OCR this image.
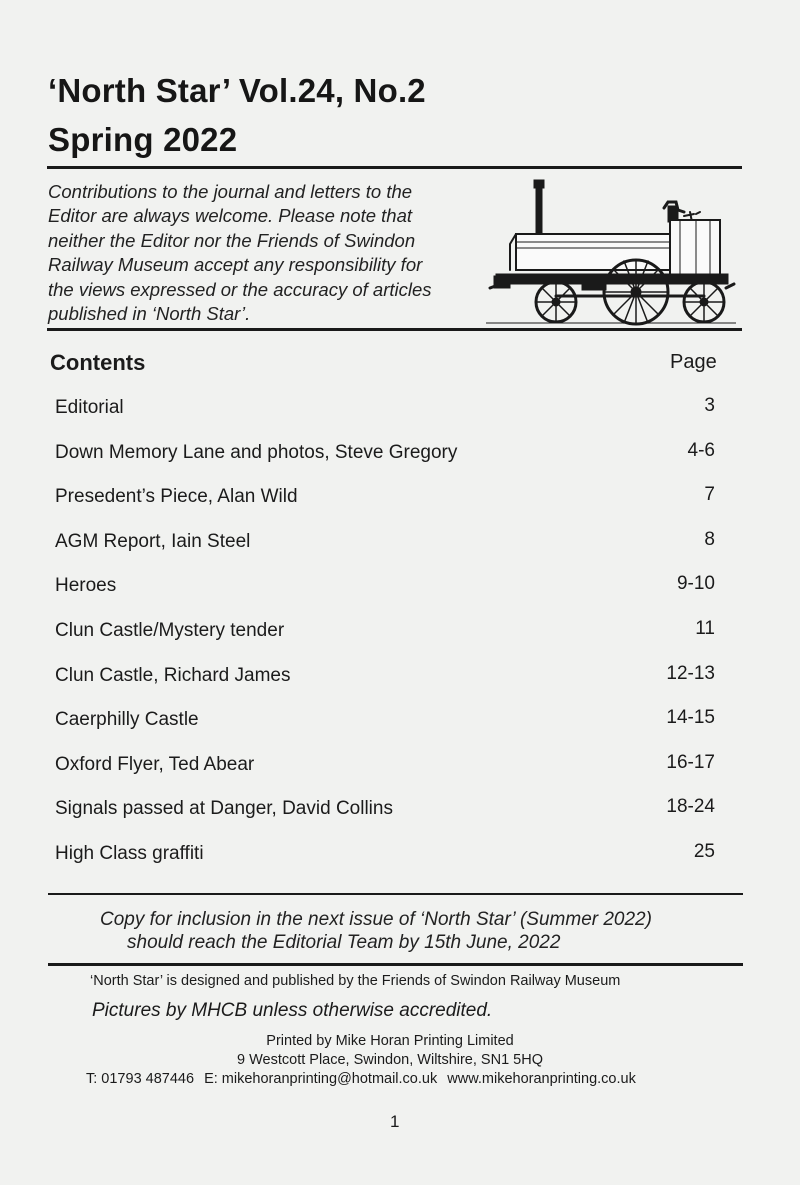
‘North Star’ Vol.24, No.2
Spring 2022
Contributions to the journal and letters to the
Editor are always welcome. Please note that
neither the Editor nor the Friends of Swindon
Railway Museum accept any responsibility for
the views expressed or the accuracy of articles
published in ‘North Star’.
Contents	Page
Editorial	3
Down Memory Lane and photos, Steve Gregory	4-6
Presedent’s Piece, Alan Wild	7
AGM Report, Iain Steel	8
Heroes	9-10
Clun Castle/Mystery tender	11
Clun Castle, Richard James	12-13
Caerphilly Castle	14-15
Oxford Flyer, Ted Abear	16-17
Signals passed at Danger, David Collins	18-24
High Class graffiti	25
Copy for inclusion in the next issue of ‘North Star’ (Summer 2022)
should reach the Editorial Team by 15th June, 2022
‘North Star’ is designed and published by the Friends of Swindon Railway Museum
Pictures by MHCB unless otherwise accredited.
Printed by Mike Horan Printing Limited
9 Westcott Place, Swindon, Wiltshire, SN1 5HQ
T: 01793 487446 E: mikehoranprinting@hotmail.co.uk www.mikehoranprinting.co.uk
1
